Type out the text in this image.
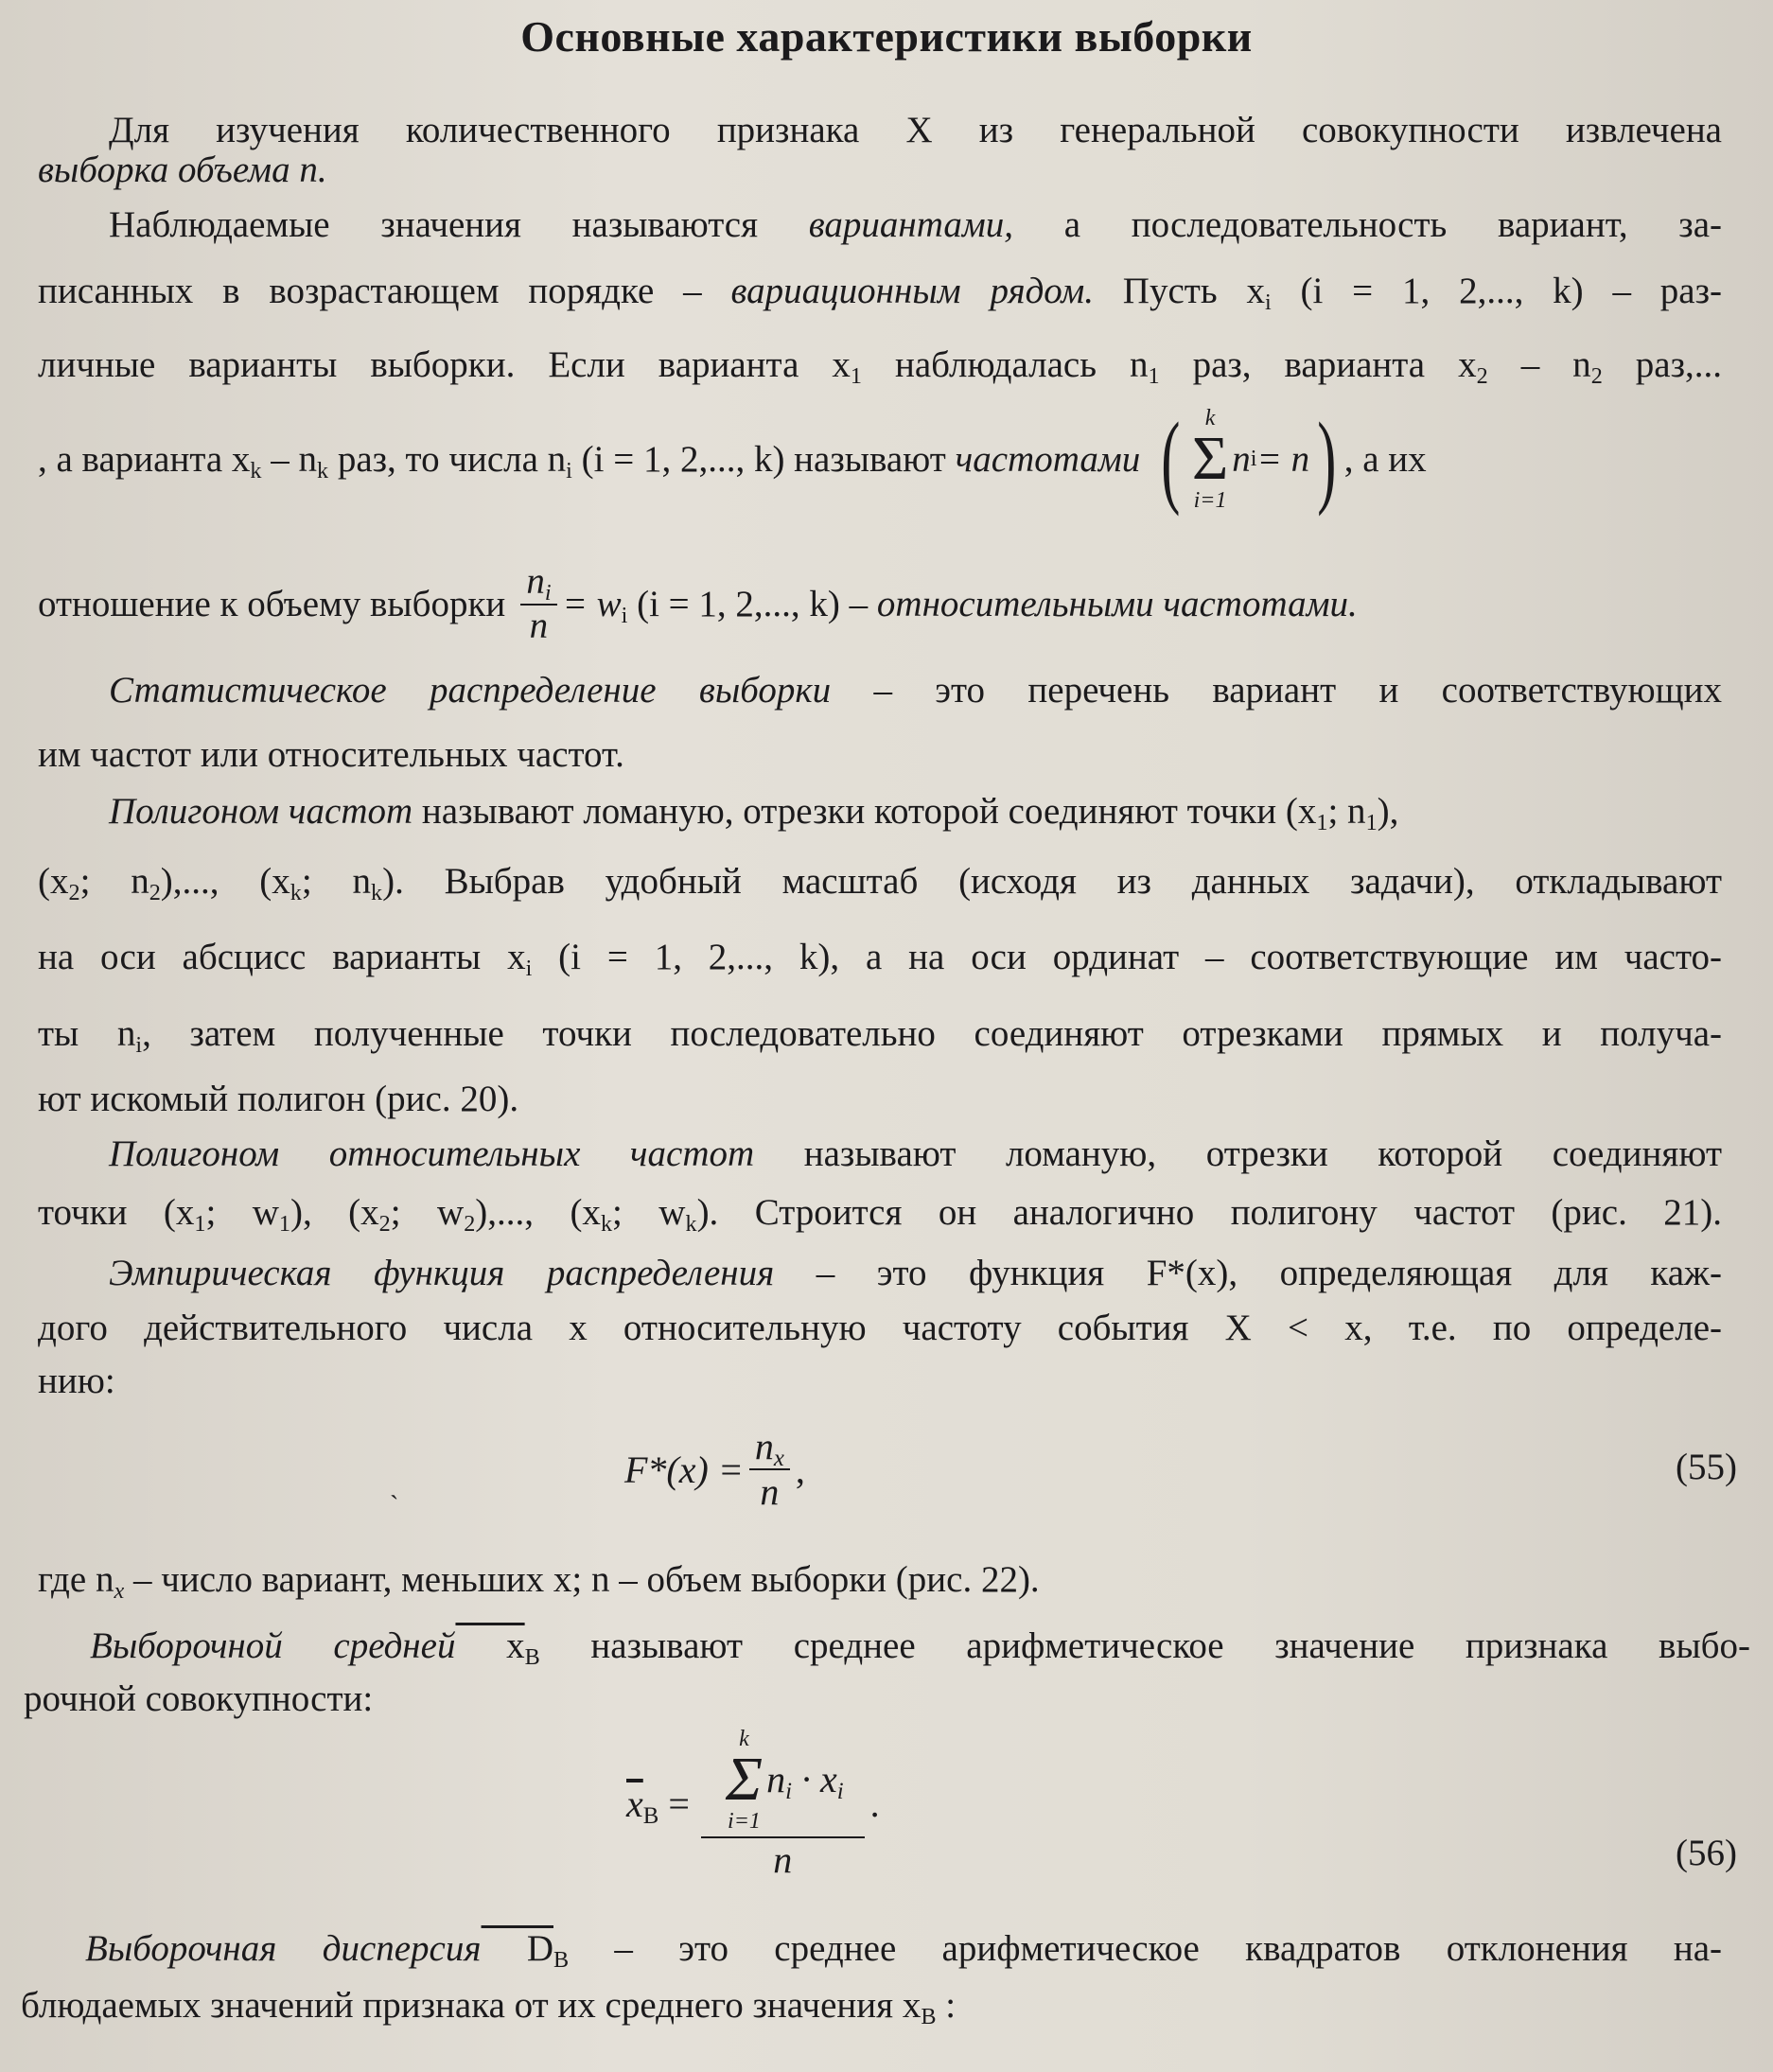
Основные характеристики выборки
Для изучения количественного признака X из генеральной совокупности извлечена
выборка объема n.
Наблюдаемые значения называются вариантами, а последовательность вариант, за-
писанных в возрастающем порядке – вариационным рядом. Пусть $x_i$ (i = 1, 2,..., k) – раз-
личные варианты выборки. Если варианта $x_1$ наблюдалась $n_1$ раз, варианта $x_2 - n_2$ раз,...
, а варианта $x_k - n_k$ раз, то числа $n_i$ (i = 1, 2,..., k) называют частотами ( k
Σ
i=1
n i = n ) , а их
отношение к объему выборки $\frac{n_i}{n} = w_i$ (i = 1, 2,..., k) – относительными частотами.
Статистическое распределение выборки – это перечень вариант и соответствующих
им частот или относительных частот.
Полигоном частот называют ломаную, отрезки которой соединяют точки ($x_1$; $n_1$),
($x_2$; $n_2$),..., ($x_k$; $n_k$). Выбрав удобный масштаб (исходя из данных задачи), откладывают
на оси абсцисс варианты $x_i$ (i = 1, 2,..., k), а на оси ординат – соответствующие им часто-
ты $n_i$, затем полученные точки последовательно соединяют отрезками прямых и получа-
ют искомый полигон (рис. 20).
Полигоном относительных частот называют ломаную, отрезки которой соединяют
точки ($x_1$; $w_1$), ($x_2$; $w_2$),..., ($x_k$; $w_k$). Строится он аналогично полигону частот (рис. 21).
Эмпирическая функция распределения – это функция F*(x), определяющая для каж-
дого действительного числа x относительную частоту события X < x, т.е. по определе-
нию:
$F*(x) = \frac{n_x}{n}$ ,	(55)
ˋ
где $n_x$ – число вариант, меньших x; n – объем выборки (рис. 22).
Выборочной средней $x_В$ называют среднее арифметическое значение признака выбо-
рочной совокупности:
$\overline{x}_В = k$
Σ
i=1
$n_i \cdot x_i$
n .
(56)
Выборочная дисперсия $D_В$ – это среднее арифметическое квадратов отклонения на-
блюдаемых значений признака от их среднего значения $x_В$ :
